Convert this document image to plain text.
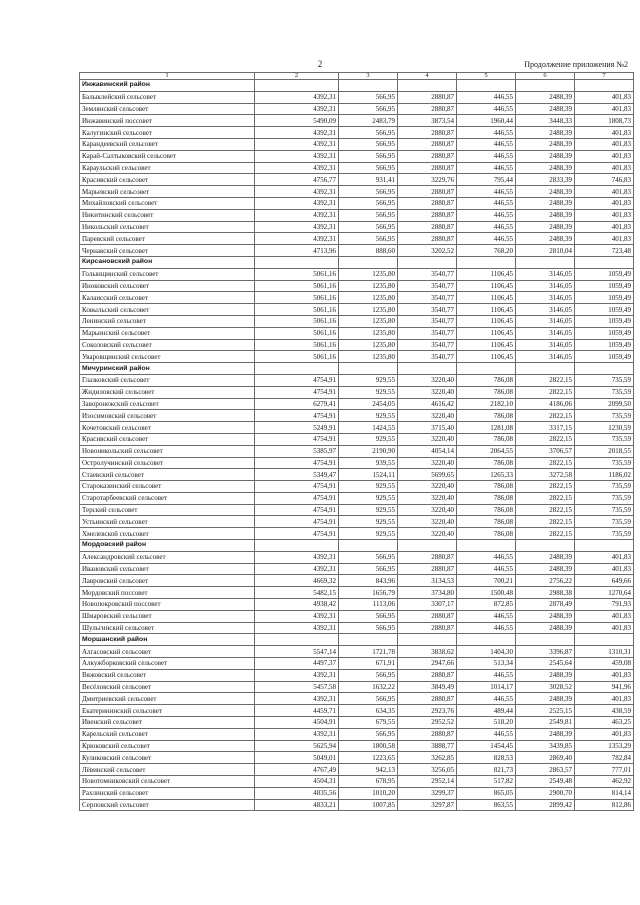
2	Продолжение приложения №2
1	2	3	4	5	6	7
Инжавинский район						
Балыклейский сельсовет	4392,31	566,95	2880,87	446,55	2488,39	401,83
Землянский сельсовет	4392,31	566,95	2880,87	446,55	2488,39	401,83
Инжавинский поссовет	5490,09	2483,79	3873,54	1960,44	3448,33	1808,73
Калугинский сельсовет	4392,31	566,95	2880,87	446,55	2488,39	401,83
Карандеевский сельсовет	4392,31	566,95	2880,87	446,55	2488,39	401,83
Карай-Салтыковский сельсовет	4392,31	566,95	2880,87	446,55	2488,39	401,83
Караульский сельсовет	4392,31	566,95	2880,87	446,55	2488,39	401,83
Красивский сельсовет	4756,77	931,41	3229,76	795,44	2833,39	746,83
Марьевский сельсовет	4392,31	566,95	2880,87	446,55	2488,39	401,83
Михайловский сельсовет	4392,31	566,95	2880,87	446,55	2488,39	401,83
Никитинский сельсовет	4392,31	566,95	2880,87	446,55	2488,39	401,83
Никольский сельсовет	4392,31	566,95	2880,87	446,55	2488,39	401,83
Паревский сельсовет	4392,31	566,95	2880,87	446,55	2488,39	401,83
Чернавский сельсовет	4713,96	888,60	3202,52	768,20	2810,04	723,48
Кирсановский район						
Голынщинский сельсовет	5061,16	1235,80	3540,77	1106,45	3146,05	1059,49
Иноковский сельсовет	5061,16	1235,80	3540,77	1106,45	3146,05	1059,49
Калаисский сельсовет	5061,16	1235,80	3540,77	1106,45	3146,05	1059,49
Ковыльский сельсовет	5061,16	1235,80	3540,77	1106,45	3146,05	1059,49
Ленинский сельсовет	5061,16	1235,80	3540,77	1106,45	3146,05	1059,49
Марьинский сельсовет	5061,16	1235,80	3540,77	1106,45	3146,05	1059,49
Соколовский сельсовет	5061,16	1235,80	3540,77	1106,45	3146,05	1059,49
Уваровщинский сельсовет	5061,16	1235,80	3540,77	1106,45	3146,05	1059,49
Мичуринский район						
Глазковский сельсовет	4754,91	929,55	3220,40	786,08	2822,15	735,59
Жидиловский сельсовет	4754,91	929,55	3220,40	786,08	2822,15	735,59
Заворонежский сельсовет	6279,41	2454,05	4616,42	2182,10	4186,06	2099,50
Изосимовский сельсовет	4754,91	929,55	3220,40	786,08	2822,15	735,59
Кочетовский сельсовет	5249,91	1424,55	3715,40	1281,08	3317,15	1230,59
Красивский сельсовет	4754,91	929,55	3220,40	786,08	2822,15	735,59
Новоникольский сельсовет	5385,97	2190,90	4054,14	2064,55	3706,57	2018,55
Остролучинский сельсовет	4754,91	939,55	3220,40	786,08	2822,15	735,59
Стаевский сельсовет	5349,47	1524,11	5699,65	1265,33	3272,58	1186,02
Староказинский сельсовет	4754,91	929,55	3220,40	786,08	2822,15	735,59
Старотарбеевский сельсовет	4754,91	929,55	3220,40	786,08	2822,15	735,59
Терский сельсовет	4754,91	929,55	3220,40	786,08	2822,15	735,59
Устьинский сельсовет	4754,91	929,55	3220,40	786,08	2822,15	735,59
Хмелевской сельсовет	4754,91	929,55	3220,40	786,08	2822,15	735,59
Мордовский район						
Александровский сельсовет	4392,31	566,95	2880,87	446,55	2488,39	401,83
Ивановский сельсовет	4392,31	566,95	2880,87	446,55	2488,39	401,83
Лавровский сельсовет	4669,32	843,96	3134,53	700,21	2756,22	649,66
Мордовский поссовет	5482,15	1656,79	3734,80	1500,48	2988,38	1270,64
Новопокровский поссовет	4938,42	1113,06	3307,17	872,85	2878,49	791,93
Шмаровский сельсовет	4392,31	566,95	2880,87	446,55	2488,39	401,83
Шульгинский сельсовет	4392,31	566,95	2880,87	446,55	2488,39	401,83
Моршанский район						
Алгасовский сельсовет	5547,14	1721,78	3838,62	1404,30	3396,87	1310,31
Алкужборковский сельсовет	4497,37	671,91	2947,66	513,34	2545,64	459,08
Вяжовский сельсовет	4392,31	566,95	2880,87	446,55	2488,39	401,83
Весёловский сельсовет	5457,58	1632,22	3849,49	1014,17	3028,52	941,96
Дмитриевский сельсовет	4392,31	566,95	2880,87	446,55	2488,39	401,83
Екатерининский сельсовет	4459,71	634,35	2923,76	489,44	2525,15	438,59
Ивенский сельсовет	4504,91	679,55	2952,52	518,20	2549,81	463,25
Карельский сельсовет	4392,31	566,95	2880,87	446,55	2488,39	401,83
Крюковский сельсовет	5625,94	1800,58	3888,77	1454,45	3439,85	1353,29
Куликовский сельсовет	5049,01	1223,65	3262,85	828,53	2869,40	782,84
Лёвинский сельсовет	4767,49	942,13	3256,05	821,73	2863,57	777,01
Новотомниковский сельсовет	4504,31	678,95	2952,14	517,82	2549,48	462,92
Рахлинский сельсовет	4835,56	1010,20	3299,37	865,05	2900,70	814,14
Серповский сельсовет	4833,21	1007,85	3297,87	863,55	2899,42	812,86
